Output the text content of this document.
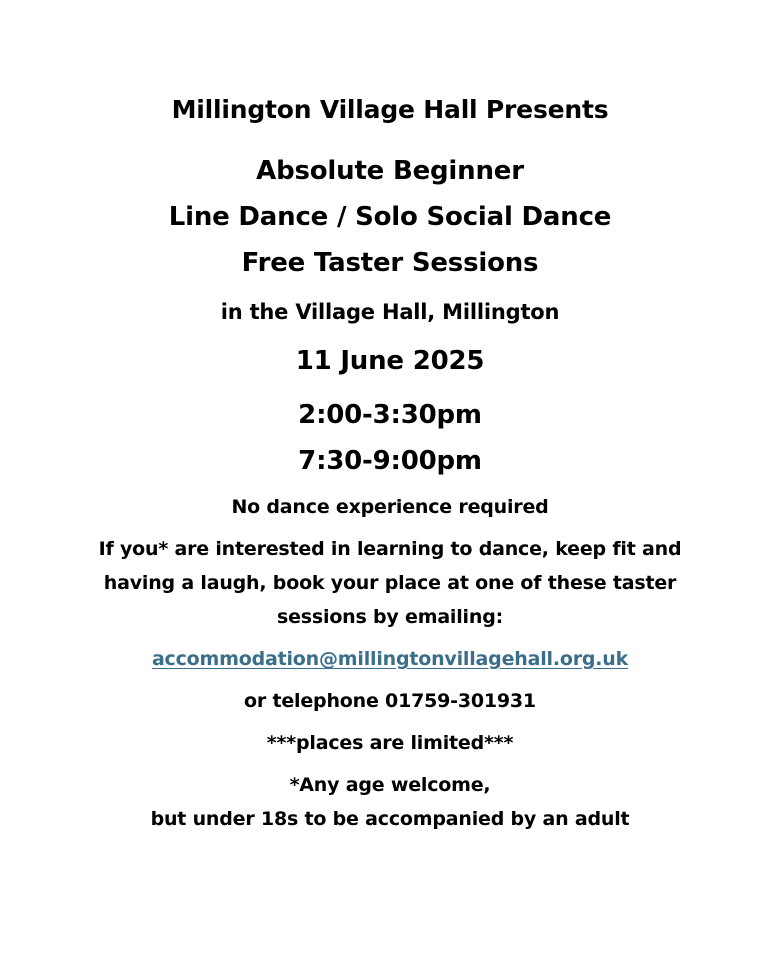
Millington Village Hall Presents
Absolute Beginner
Line Dance / Solo Social Dance
Free Taster Sessions
in the Village Hall, Millington
11 June 2025
2:00-3:30pm
7:30-9:00pm
No dance experience required
If you* are interested in learning to dance, keep fit and
having a laugh, book your place at one of these taster
sessions by emailing:
accommodation@millingtonvillagehall.org.uk
or telephone 01759-301931
***places are limited***
*Any age welcome,
but under 18s to be accompanied by an adult
